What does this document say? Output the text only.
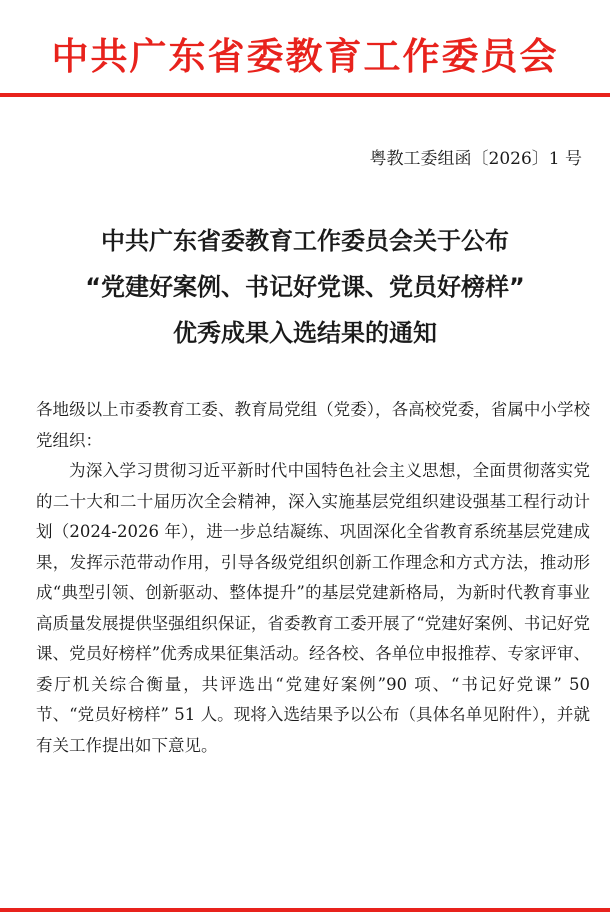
中共广东省委教育工作委员会
粤教工委组函〔2026〕1 号
中共广东省委教育工作委员会关于公布
“党建好案例、书记好党课、党员好榜样”
优秀成果入选结果的通知
各地级以上市委教育工委、教育局党组（党委），各高校党委，省属中小学校党组织：
为深入学习贯彻习近平新时代中国特色社会主义思想，全面贯彻落实党的二十大和二十届历次全会精神，深入实施基层党组织建设强基工程行动计划（2024-2026 年），进一步总结凝练、巩固深化全省教育系统基层党建成果，发挥示范带动作用，引导各级党组织创新工作理念和方式方法，推动形成“典型引领、创新驱动、整体提升”的基层党建新格局，为新时代教育事业高质量发展提供坚强组织保证，省委教育工委开展了“党建好案例、书记好党课、党员好榜样”优秀成果征集活动。经各校、各单位申报推荐、专家评审、委厅机关综合衡量，共评选出“党建好案例”90 项、“书记好党课” 50 节、“党员好榜样” 51 人。现将入选结果予以公布（具体名单见附件），并就有关工作提出如下意见。
